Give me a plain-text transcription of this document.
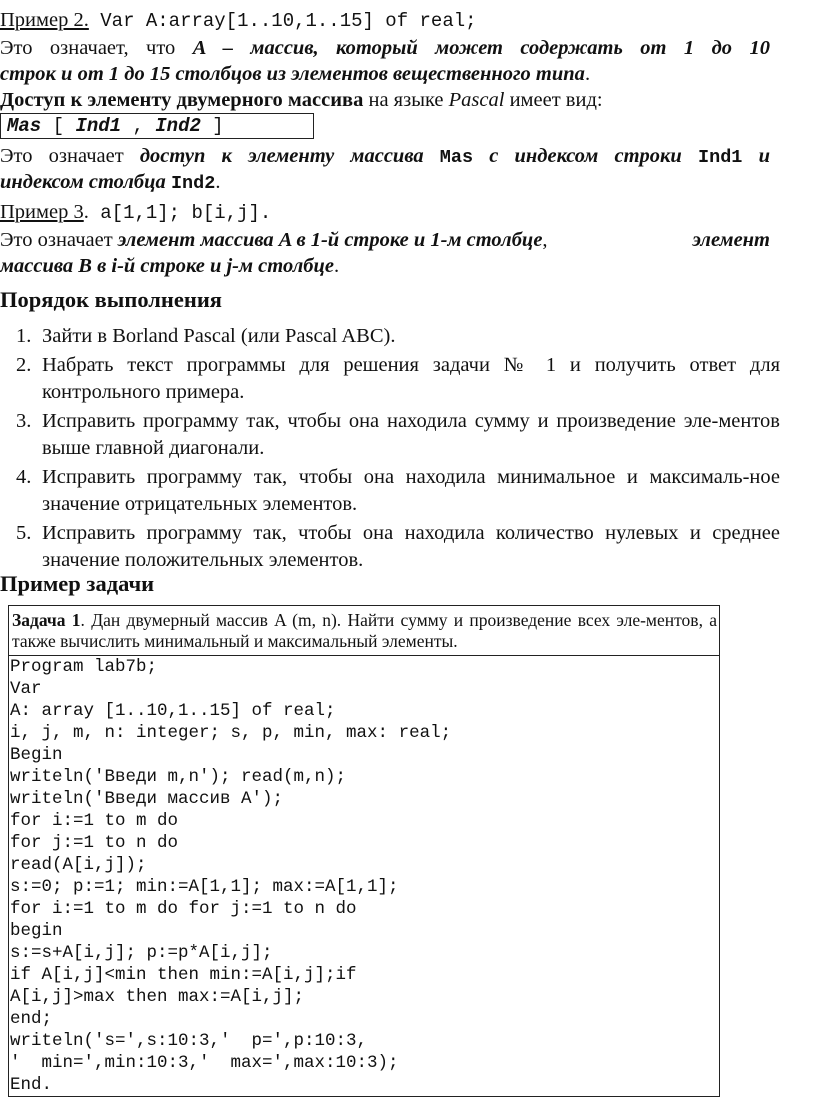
Пример 2. Var A:array[1..10,1..15] of real;
Это означает, что A – массив, который может содержать от 1 до 10
строк и от 1 до 15 столбцов из элементов вещественного типа.
Доступ к элементу двумерного массива на языке Pascal имеет вид:
Mas [ Ind1 , Ind2 ]
Это означает доступ к элементу массива Mas с индексом строки Ind1 и
индексом столбца Ind2.
Пример 3. a[1,1]; b[i,j].
Это означает элемент массива A в 1-й строке и 1-м столбце,	элемент
массива B в i-й строке и j-м столбце.
Порядок выполнения
1. Зайти в Borland Pascal (или Pascal ABC).
2. Набрать текст программы для решения задачи № 1 и получить ответ для контрольного примера.
3. Исправить программу так, чтобы она находила сумму и произведение эле-ментов выше главной диагонали.
4. Исправить программу так, чтобы она находила минимальное и максималь-ное значение отрицательных элементов.
5. Исправить программу так, чтобы она находила количество нулевых и среднее значение положительных элементов.
Пример задачи
Задача 1. Дан двумерный массив A (m, n). Найти сумму и произведение всех эле-ментов, а также вычислить минимальный и максимальный элементы.
Program lab7b;
Var
A: array [1..10,1..15] of real;
i, j, m, n: integer; s, p, min, max: real;
Begin
writeln('Введи m,n'); read(m,n);
writeln('Введи массив A');
for i:=1 to m do
for j:=1 to n do
read(A[i,j]);
s:=0; p:=1; min:=A[1,1]; max:=A[1,1];
for i:=1 to m do for j:=1 to n do
begin
s:=s+A[i,j]; p:=p*A[i,j];
if A[i,j]<min then min:=A[i,j];if
A[i,j]>max then max:=A[i,j];
end;
writeln('s=',s:10:3,'  p=',p:10:3,
'  min=',min:10:3,'  max=',max:10:3);
End.
